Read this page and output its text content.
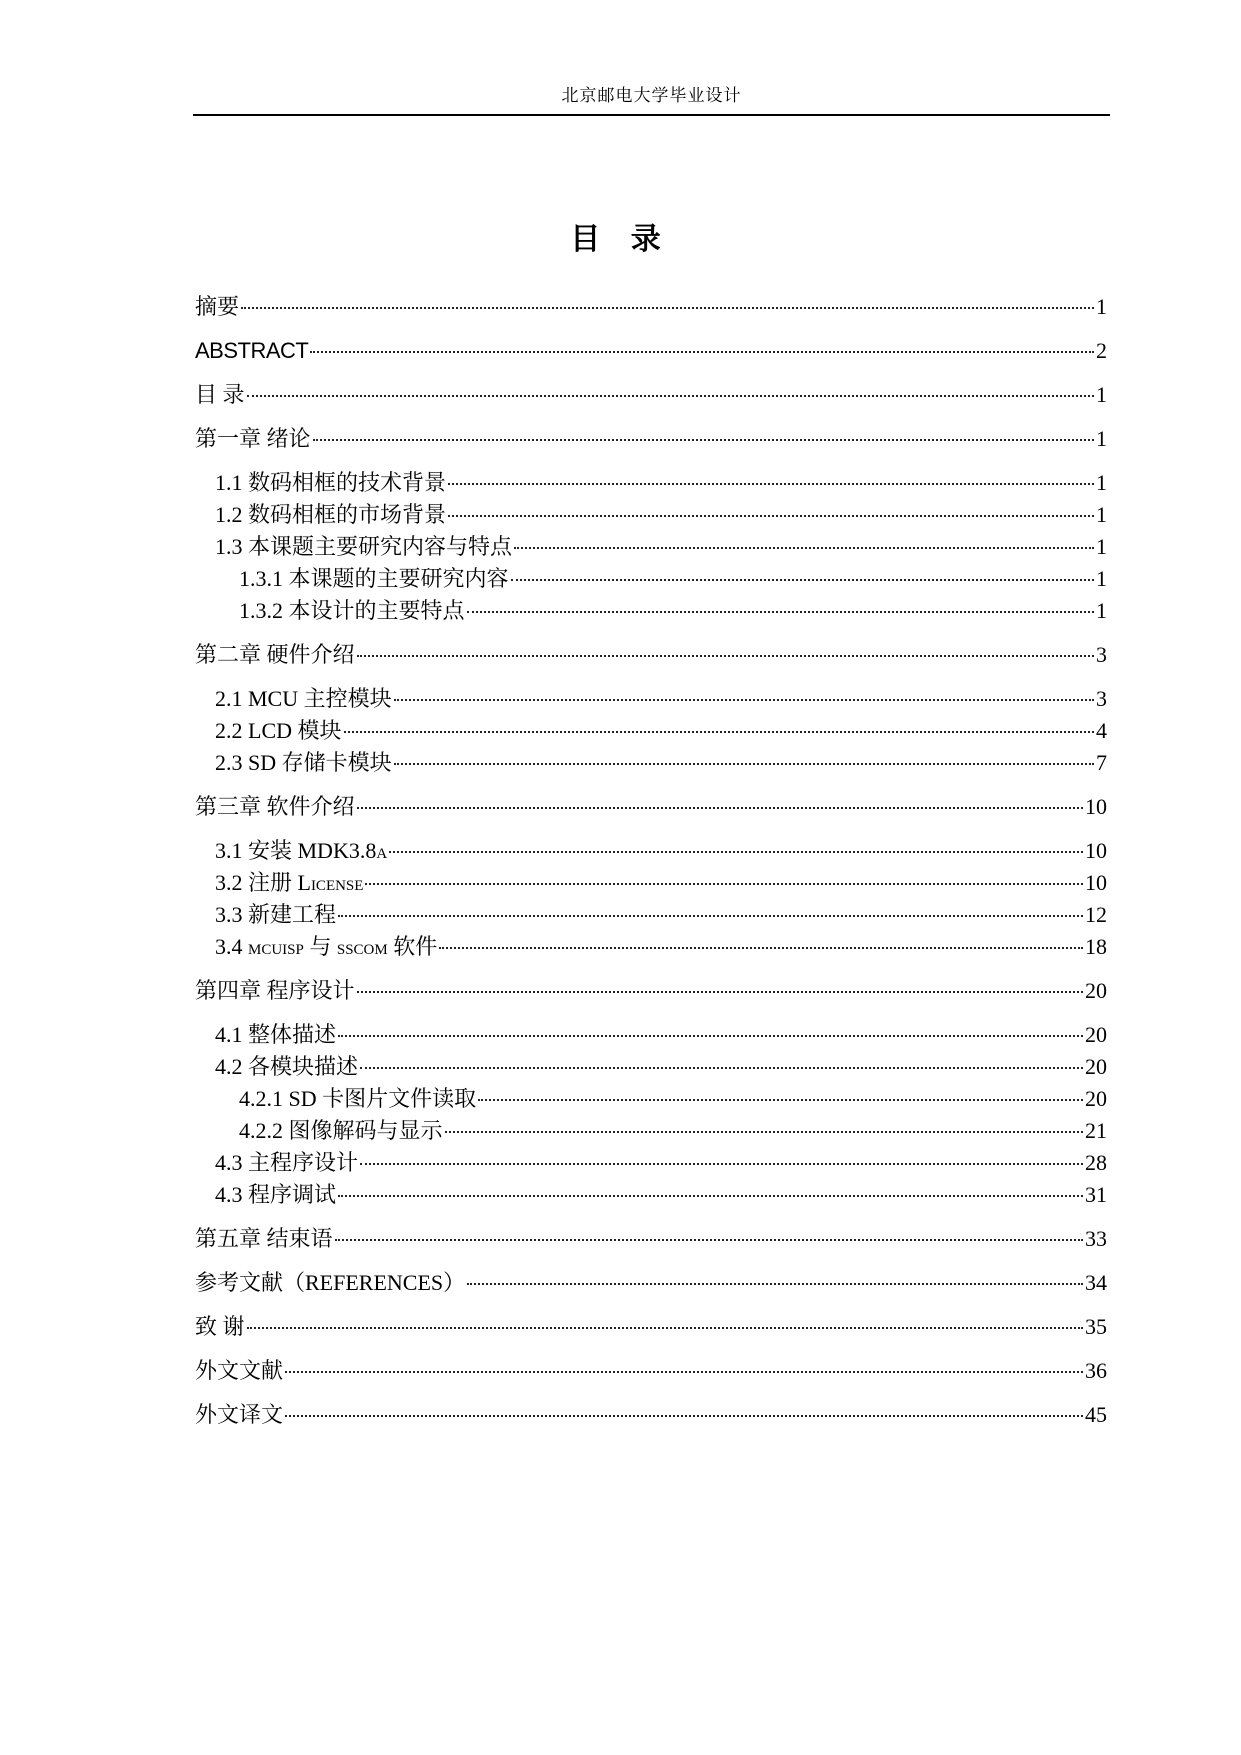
北京邮电大学毕业设计
目 录
摘要	1
ABSTRACT	2
目 录	1
第一章 绪论	1
1.1 数码相框的技术背景	1
1.2 数码相框的市场背景	1
1.3 本课题主要研究内容与特点	1
1.3.1 本课题的主要研究内容	1
1.3.2 本设计的主要特点	1
第二章 硬件介绍	3
2.1 MCU 主控模块	3
2.2 LCD 模块	4
2.3 SD 存储卡模块	7
第三章 软件介绍	10
3.1 安装 MDK3.8a	10
3.2 注册 License	10
3.3 新建工程	12
3.4 mcuisp 与 sscom 软件	18
第四章 程序设计	20
4.1 整体描述	20
4.2 各模块描述	20
4.2.1 SD 卡图片文件读取	20
4.2.2 图像解码与显示	21
4.3 主程序设计	28
4.3 程序调试	31
第五章 结束语	33
参考文献（REFERENCES）	34
致 谢	35
外文文献	36
外文译文	45
